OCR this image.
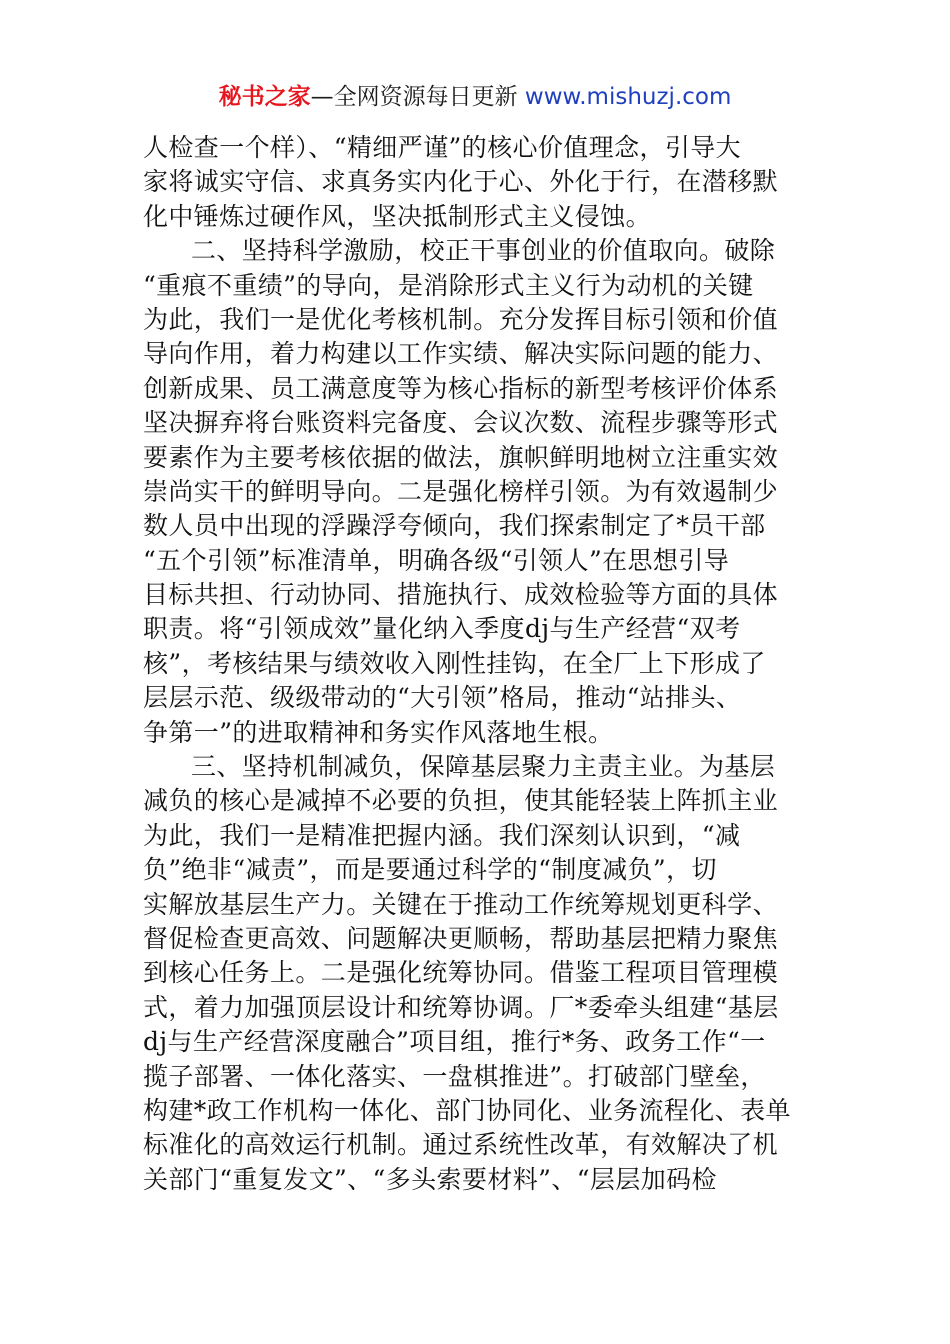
秘书之家—全网资源每日更新 www.mishuzj.com
人检查一个样）、“精细严谨”的核心价值理念，引导大
家将诚实守信、求真务实内化于心、外化于行，在潜移默
化中锤炼过硬作风，坚决抵制形式主义侵蚀。
二、坚持科学激励，校正干事创业的价值取向。破除
“重痕不重绩”的导向，是消除形式主义行为动机的关键
为此，我们一是优化考核机制。充分发挥目标引领和价值
导向作用，着力构建以工作实绩、解决实际问题的能力、
创新成果、员工满意度等为核心指标的新型考核评价体系
坚决摒弃将台账资料完备度、会议次数、流程步骤等形式
要素作为主要考核依据的做法，旗帜鲜明地树立注重实效
崇尚实干的鲜明导向。二是强化榜样引领。为有效遏制少
数人员中出现的浮躁浮夸倾向，我们探索制定了*员干部
“五个引领”标准清单，明确各级“引领人”在思想引导
目标共担、行动协同、措施执行、成效检验等方面的具体
职责。将“引领成效”量化纳入季度dj与生产经营“双考
核”，考核结果与绩效收入刚性挂钩，在全厂上下形成了
层层示范、级级带动的“大引领”格局，推动“站排头、
争第一”的进取精神和务实作风落地生根。
三、坚持机制减负，保障基层聚力主责主业。为基层
减负的核心是减掉不必要的负担，使其能轻装上阵抓主业
为此，我们一是精准把握内涵。我们深刻认识到，“减
负”绝非“减责”，而是要通过科学的“制度减负”，切
实解放基层生产力。关键在于推动工作统筹规划更科学、
督促检查更高效、问题解决更顺畅，帮助基层把精力聚焦
到核心任务上。二是强化统筹协同。借鉴工程项目管理模
式，着力加强顶层设计和统筹协调。厂*委牵头组建“基层
dj与生产经营深度融合”项目组，推行*务、政务工作“一
揽子部署、一体化落实、一盘棋推进”。打破部门壁垒，
构建*政工作机构一体化、部门协同化、业务流程化、表单
标准化的高效运行机制。通过系统性改革，有效解决了机
关部门“重复发文”、“多头索要材料”、“层层加码检
